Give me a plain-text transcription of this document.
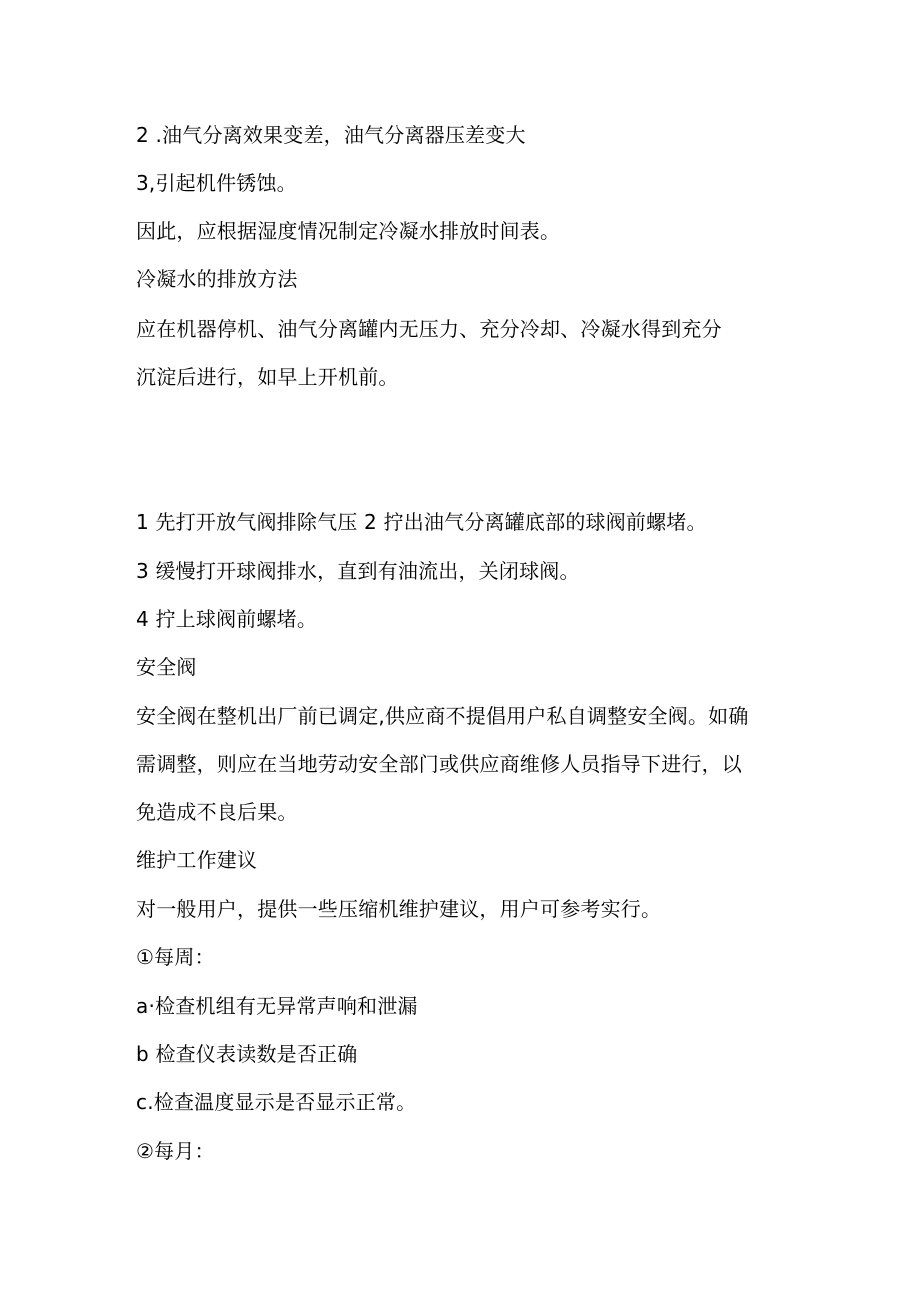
2 .油气分离效果变差，油气分离器压差变大
3,引起机件锈蚀。
因此，应根据湿度情况制定冷凝水排放时间表。
冷凝水的排放方法
应在机器停机、油气分离罐内无压力、充分冷却、冷凝水得到充分
沉淀后进行，如早上开机前。
1 先打开放气阀排除气压 2 拧出油气分离罐底部的球阀前螺堵。
3 缓慢打开球阀排水，直到有油流出，关闭球阀。
4 拧上球阀前螺堵。
安全阀
安全阀在整机出厂前已调定,供应商不提倡用户私自调整安全阀。如确
需调整，则应在当地劳动安全部门或供应商维修人员指导下进行，以
免造成不良后果。
维护工作建议
对一般用户，提供一些压缩机维护建议，用户可参考实行。
①每周：
a·检查机组有无异常声响和泄漏
b 检查仪表读数是否正确
c.检查温度显示是否显示正常。
②每月：
